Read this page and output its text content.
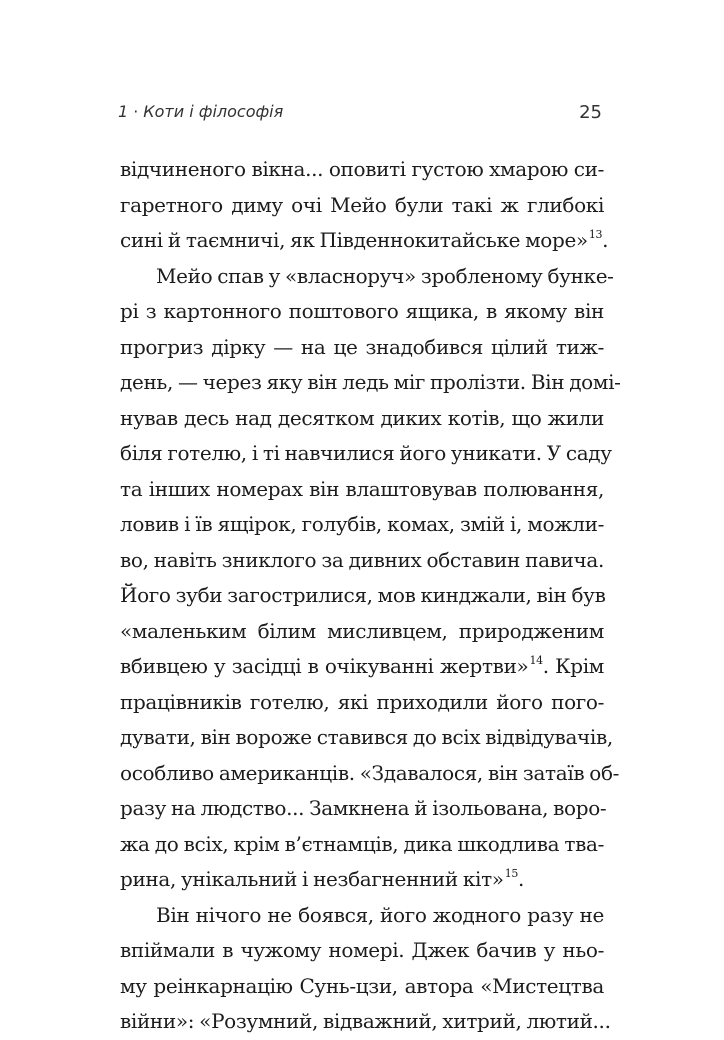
1 · Коти і філософія	25
відчиненого вікна... оповиті густою хмарою си-
гаретного диму очі Мейо були такі ж глибокі
сині й таємничі, як Південнокитайське море»$^{13}$.
Мейо спав у «власноруч» зробленому бунке-
рі з картонного поштового ящика, в якому він
прогриз дірку — на це знадобився цілий тиж-
день, — через яку він ледь міг пролізти. Він домі-
нував десь над десятком диких котів, що жили
біля готелю, і ті навчилися його уникати. У саду
та інших номерах він влаштовував полювання,
ловив і їв ящірок, голубів, комах, змій і, можли-
во, навіть зниклого за дивних обставин павича.
Його зуби загострилися, мов кинджали, він був
«маленьким білим мисливцем, природженим
вбивцею у засідці в очікуванні жертви»$^{14}$. Крім
працівників готелю, які приходили його пого-
дувати, він вороже ставився до всіх відвідувачів,
особливо американців. «Здавалося, він затаїв об-
разу на людство... Замкнена й ізольована, воро-
жа до всіх, крім в’єтнамців, дика шкодлива тва-
рина, унікальний і незбагненний кіт»$^{15}$.
Він нічого не боявся, його жодного разу не
впіймали в чужому номері. Джек бачив у ньо-
му реінкарнацію Сунь-цзи, автора «Мистецтва
війни»: «Розумний, відважний, хитрий, лютий...
